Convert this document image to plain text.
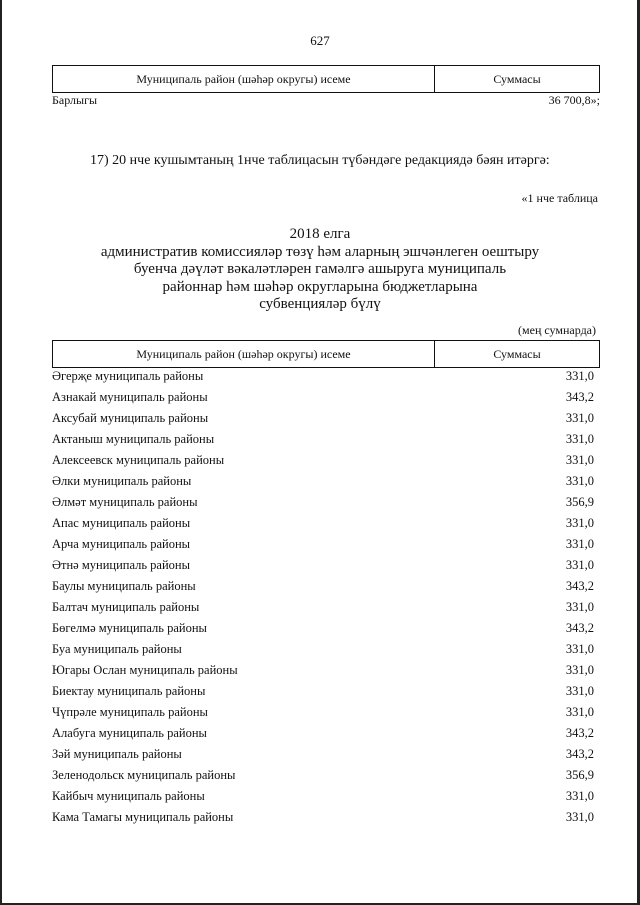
627
Муниципаль район (шәһәр округы) исеме	Суммасы
Барлыгы	36 700,8»;
17) 20 нче кушымтаның 1нче таблицасын түбәндәге редакциядә бәян итәргә:
«1 нче таблица
2018 елга
административ комиссияләр төзү һәм аларның эшчәнлеген оештыру
буенча дәүләт вәкаләтләрен гамәлгә ашыруга муниципаль
районнар һәм шәһәр округларына бюджетларына
субвенцияләр бүлү
(мең сумнарда)
Муниципаль район (шәһәр округы) исеме	Суммасы
Әгерҗе муниципаль районы	331,0
Азнакай муниципаль районы	343,2
Аксубай муниципаль районы	331,0
Актаныш муниципаль районы	331,0
Алексеевск муниципаль районы	331,0
Әлки муниципаль районы	331,0
Әлмәт муниципаль районы	356,9
Апас муниципаль районы	331,0
Арча муниципаль районы	331,0
Әтнә муниципаль районы	331,0
Баулы муниципаль районы	343,2
Балтач муниципаль районы	331,0
Бөгелмә муниципаль районы	343,2
Буа муниципаль районы	331,0
Югары Ослан муниципаль районы	331,0
Биектау муниципаль районы	331,0
Чүпрәле муниципаль районы	331,0
Алабуга муниципаль районы	343,2
Зәй муниципаль районы	343,2
Зеленодольск муниципаль районы	356,9
Кайбыч муниципаль районы	331,0
Кама Тамагы муниципаль районы	331,0
